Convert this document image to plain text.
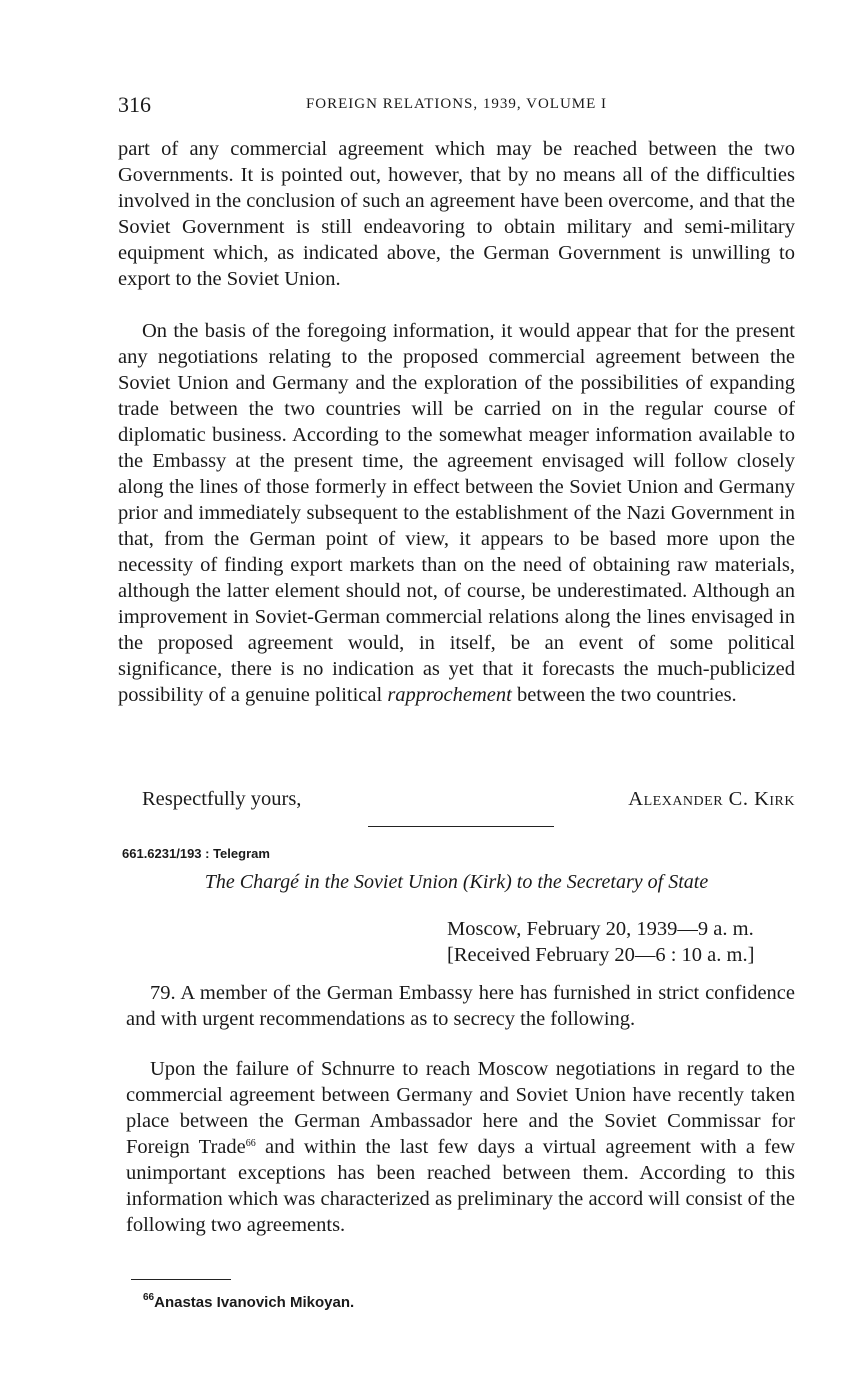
316	FOREIGN RELATIONS, 1939, VOLUME I

part of any commercial agreement which may be reached between the two Governments. It is pointed out, however, that by no means all of the difficulties involved in the conclusion of such an agreement have been overcome, and that the Soviet Government is still endeavoring to obtain military and semi-military equipment which, as indicated above, the German Government is unwilling to export to the Soviet Union.

On the basis of the foregoing information, it would appear that for the present any negotiations relating to the proposed commercial agreement between the Soviet Union and Germany and the exploration of the possibilities of expanding trade between the two countries will be carried on in the regular course of diplomatic business. According to the somewhat meager information available to the Embassy at the present time, the agreement envisaged will follow closely along the lines of those formerly in effect between the Soviet Union and Germany prior and immediately subsequent to the establishment of the Nazi Government in that, from the German point of view, it appears to be based more upon the necessity of finding export markets than on the need of obtaining raw materials, although the latter element should not, of course, be underestimated. Although an improvement in Soviet-German commercial relations along the lines envisaged in the proposed agreement would, in itself, be an event of some political significance, there is no indication as yet that it forecasts the much-publicized possibility of a genuine political rapprochement between the two countries.

Respectfully yours,	Alexander C. Kirk
661.6231/193 : Telegram
The Chargé in the Soviet Union (Kirk) to the Secretary of State
Moscow, February 20, 1939—9 a. m.
[Received February 20—6 : 10 a. m.]

79. A member of the German Embassy here has furnished in strict confidence and with urgent recommendations as to secrecy the following.

Upon the failure of Schnurre to reach Moscow negotiations in regard to the commercial agreement between Germany and Soviet Union have recently taken place between the German Ambassador here and the Soviet Commissar for Foreign Trade$^{66}$ and within the last few days a virtual agreement with a few unimportant exceptions has been reached between them. According to this information which was characterized as preliminary the accord will consist of the following two agreements.

$^{66}$Anastas Ivanovich Mikoyan.
